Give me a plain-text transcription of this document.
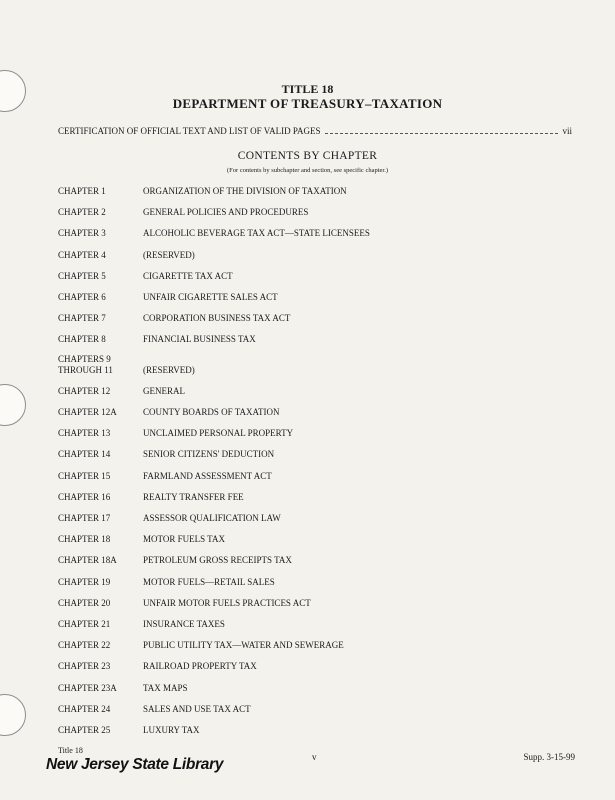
TITLE 18
DEPARTMENT OF TREASURY–TAXATION
CERTIFICATION OF OFFICIAL TEXT AND LIST OF VALID PAGES	vii
CONTENTS BY CHAPTER
(For contents by subchapter and section, see specific chapter.)
CHAPTER 1	ORGANIZATION OF THE DIVISION OF TAXATION
CHAPTER 2	GENERAL POLICIES AND PROCEDURES
CHAPTER 3	ALCOHOLIC BEVERAGE TAX ACT—STATE LICENSEES
CHAPTER 4	(RESERVED)
CHAPTER 5	CIGARETTE TAX ACT
CHAPTER 6	UNFAIR CIGARETTE SALES ACT
CHAPTER 7	CORPORATION BUSINESS TAX ACT
CHAPTER 8	FINANCIAL BUSINESS TAX
CHAPTERS 9
THROUGH 11	(RESERVED)
CHAPTER 12	GENERAL
CHAPTER 12A	COUNTY BOARDS OF TAXATION
CHAPTER 13	UNCLAIMED PERSONAL PROPERTY
CHAPTER 14	SENIOR CITIZENS' DEDUCTION
CHAPTER 15	FARMLAND ASSESSMENT ACT
CHAPTER 16	REALTY TRANSFER FEE
CHAPTER 17	ASSESSOR QUALIFICATION LAW
CHAPTER 18	MOTOR FUELS TAX
CHAPTER 18A	PETROLEUM GROSS RECEIPTS TAX
CHAPTER 19	MOTOR FUELS—RETAIL SALES
CHAPTER 20	UNFAIR MOTOR FUELS PRACTICES ACT
CHAPTER 21	INSURANCE TAXES
CHAPTER 22	PUBLIC UTILITY TAX—WATER AND SEWERAGE
CHAPTER 23	RAILROAD PROPERTY TAX
CHAPTER 23A	TAX MAPS
CHAPTER 24	SALES AND USE TAX ACT
CHAPTER 25	LUXURY TAX
Title 18
New Jersey State Library	v	Supp. 3-15-99
